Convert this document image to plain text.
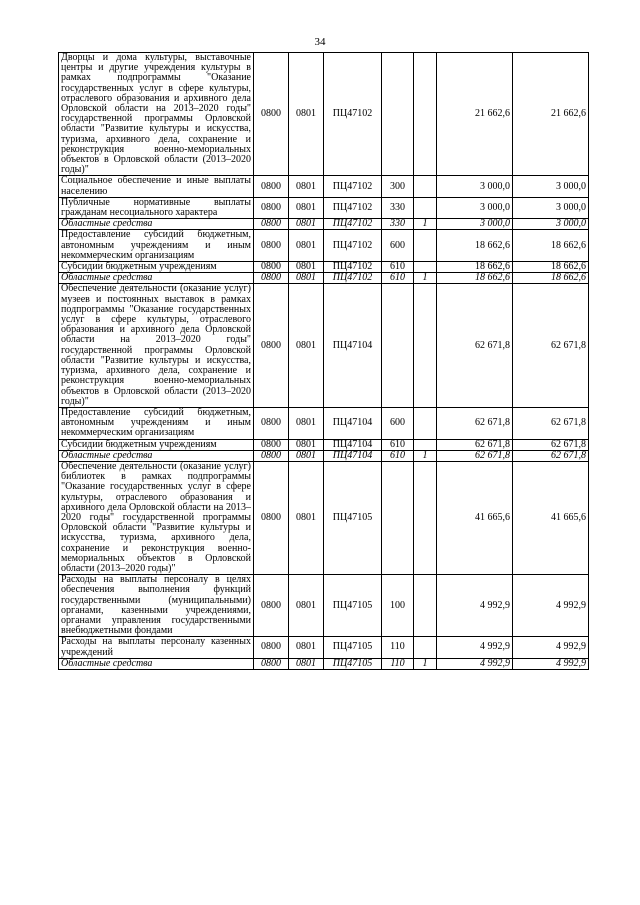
34
Дворцы и дома культуры, выставочные центры и другие учреждения культуры в рамках подпрограммы "Оказание государственных услуг в сфере культуры, отраслевого образования и архивного дела Орловской области на 2013–2020 годы" государственной программы Орловской области "Развитие культуры и искусства, туризма, архивного дела, сохранение и реконструкция военно-мемориальных объектов в Орловской области (2013–2020 годы)"	0800	0801	ПЦ47102			21 662,6	21 662,6
Социальное обеспечение и иные выплаты населению	0800	0801	ПЦ47102	300		3 000,0	3 000,0
Публичные нормативные выплаты гражданам несоциального характера	0800	0801	ПЦ47102	330		3 000,0	3 000,0
Областные средства	0800	0801	ПЦ47102	330	1	3 000,0	3 000,0
Предоставление субсидий бюджетным, автономным учреждениям и иным некоммерческим организациям	0800	0801	ПЦ47102	600		18 662,6	18 662,6
Субсидии бюджетным учреждениям	0800	0801	ПЦ47102	610		18 662,6	18 662,6
Областные средства	0800	0801	ПЦ47102	610	1	18 662,6	18 662,6
Обеспечение деятельности (оказание услуг) музеев и постоянных выставок в рамках подпрограммы "Оказание государственных услуг в сфере культуры, отраслевого образования и архивного дела Орловской области на 2013–2020 годы" государственной программы Орловской области "Развитие культуры и искусства, туризма, архивного дела, сохранение и реконструкция военно-мемориальных объектов в Орловской области (2013–2020 годы)"	0800	0801	ПЦ47104			62 671,8	62 671,8
Предоставление субсидий бюджетным, автономным учреждениям и иным некоммерческим организациям	0800	0801	ПЦ47104	600		62 671,8	62 671,8
Субсидии бюджетным учреждениям	0800	0801	ПЦ47104	610		62 671,8	62 671,8
Областные средства	0800	0801	ПЦ47104	610	1	62 671,8	62 671,8
Обеспечение деятельности (оказание услуг) библиотек в рамках подпрограммы "Оказание государственных услуг в сфере культуры, отраслевого образования и архивного дела Орловской области на 2013–2020 годы" государственной программы Орловской области "Развитие культуры и искусства, туризма, архивного дела, сохранение и реконструкция военно-мемориальных объектов в Орловской области (2013–2020 годы)"	0800	0801	ПЦ47105			41 665,6	41 665,6
Расходы на выплаты персоналу в целях обеспечения выполнения функций государственными (муниципальными) органами, казенными учреждениями, органами управления государственными внебюджетными фондами	0800	0801	ПЦ47105	100		4 992,9	4 992,9
Расходы на выплаты персоналу казенных учреждений	0800	0801	ПЦ47105	110		4 992,9	4 992,9
Областные средства	0800	0801	ПЦ47105	110	1	4 992,9	4 992,9
